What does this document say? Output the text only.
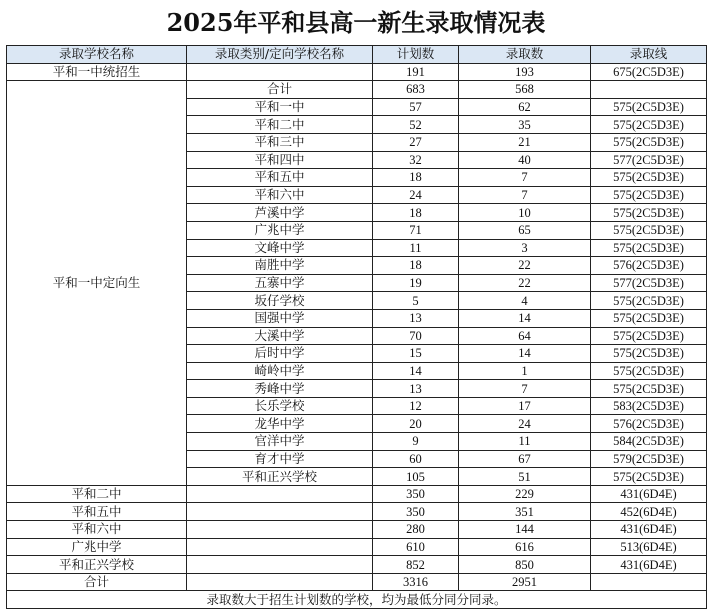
2025年平和县高一新生录取情况表
录取学校名称	录取类别/定向学校名称	计划数	录取数	录取线
平和一中统招生		191	193	675(2C5D3E)
平和一中定向生	合计	683	568	
	平和一中	57	62	575(2C5D3E)
	平和二中	52	35	575(2C5D3E)
	平和三中	27	21	575(2C5D3E)
	平和四中	32	40	577(2C5D3E)
	平和五中	18	7	575(2C5D3E)
	平和六中	24	7	575(2C5D3E)
	芦溪中学	18	10	575(2C5D3E)
	广兆中学	71	65	575(2C5D3E)
	文峰中学	11	3	575(2C5D3E)
	南胜中学	18	22	576(2C5D3E)
	五寨中学	19	22	577(2C5D3E)
	坂仔学校	5	4	575(2C5D3E)
	国强中学	13	14	575(2C5D3E)
	大溪中学	70	64	575(2C5D3E)
	后时中学	15	14	575(2C5D3E)
	崎岭中学	14	1	575(2C5D3E)
	秀峰中学	13	7	575(2C5D3E)
	长乐学校	12	17	583(2C5D3E)
	龙华中学	20	24	576(2C5D3E)
	官洋中学	9	11	584(2C5D3E)
	育才中学	60	67	579(2C5D3E)
	平和正兴学校	105	51	575(2C5D3E)
平和二中		350	229	431(6D4E)
平和五中		350	351	452(6D4E)
平和六中		280	144	431(6D4E)
广兆中学		610	616	513(6D4E)
平和正兴学校		852	850	431(6D4E)
合计		3316	2951	
录取数大于招生计划数的学校，均为最低分同分同录。				
